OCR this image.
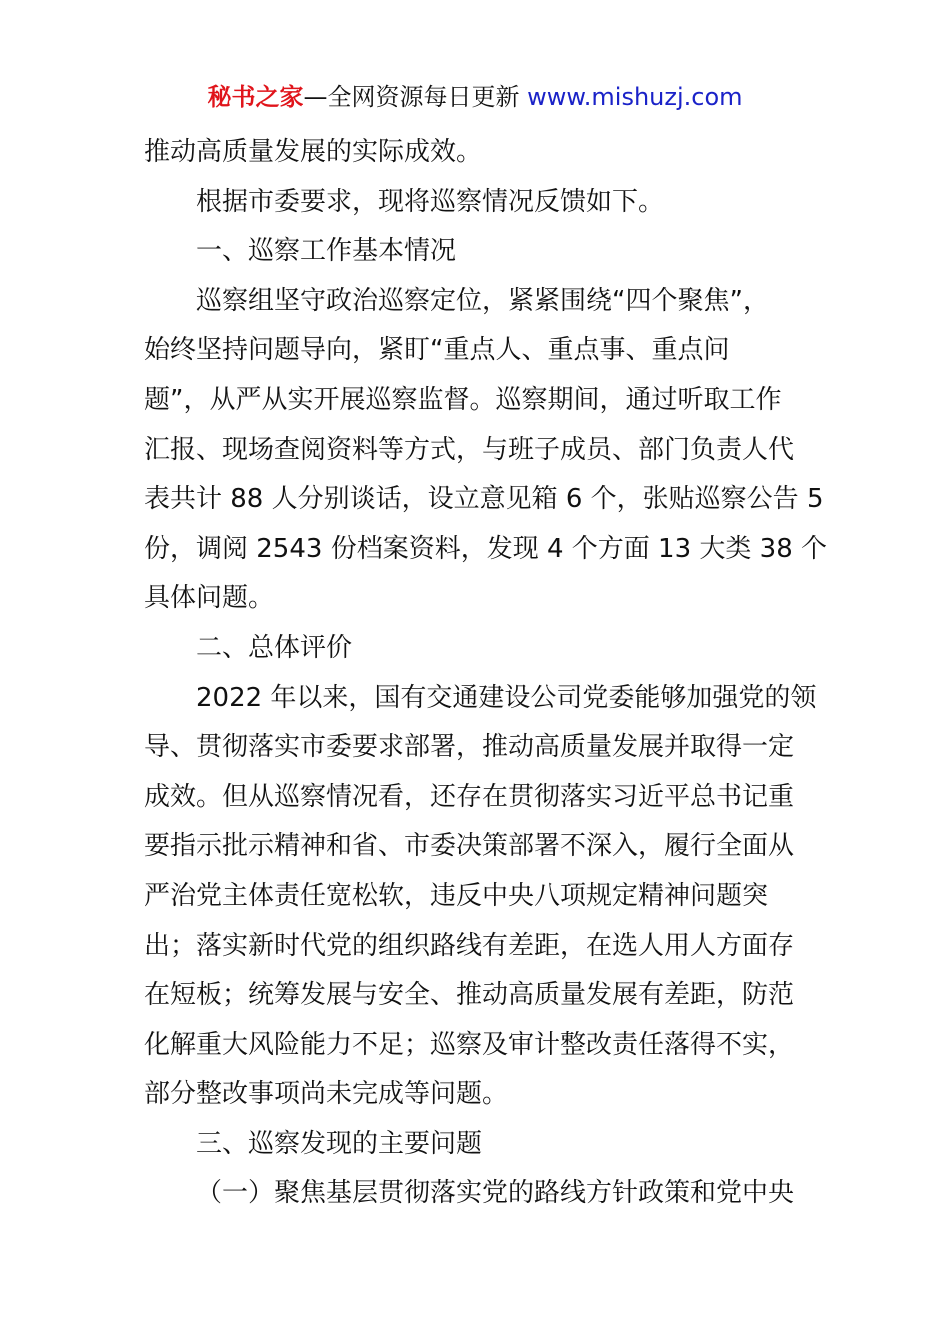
秘书之家—全网资源每日更新 www.mishuzj.com

推动高质量发展的实际成效。

根据市委要求，现将巡察情况反馈如下。

一、巡察工作基本情况

巡察组坚守政治巡察定位，紧紧围绕“四个聚焦”，

始终坚持问题导向，紧盯“重点人、重点事、重点问

题”，从严从实开展巡察监督。巡察期间，通过听取工作

汇报、现场查阅资料等方式，与班子成员、部门负责人代

表共计 88 人分别谈话，设立意见箱 6 个，张贴巡察公告 5

份，调阅 2543 份档案资料，发现 4 个方面 13 大类 38 个

具体问题。

二、总体评价

2022 年以来，国有交通建设公司党委能够加强党的领

导、贯彻落实市委要求部署，推动高质量发展并取得一定

成效。但从巡察情况看，还存在贯彻落实习近平总书记重

要指示批示精神和省、市委决策部署不深入，履行全面从

严治党主体责任宽松软，违反中央八项规定精神问题突

出；落实新时代党的组织路线有差距，在选人用人方面存

在短板；统筹发展与安全、推动高质量发展有差距，防范

化解重大风险能力不足；巡察及审计整改责任落得不实，

部分整改事项尚未完成等问题。

三、巡察发现的主要问题

（一）聚焦基层贯彻落实党的路线方针政策和党中央
